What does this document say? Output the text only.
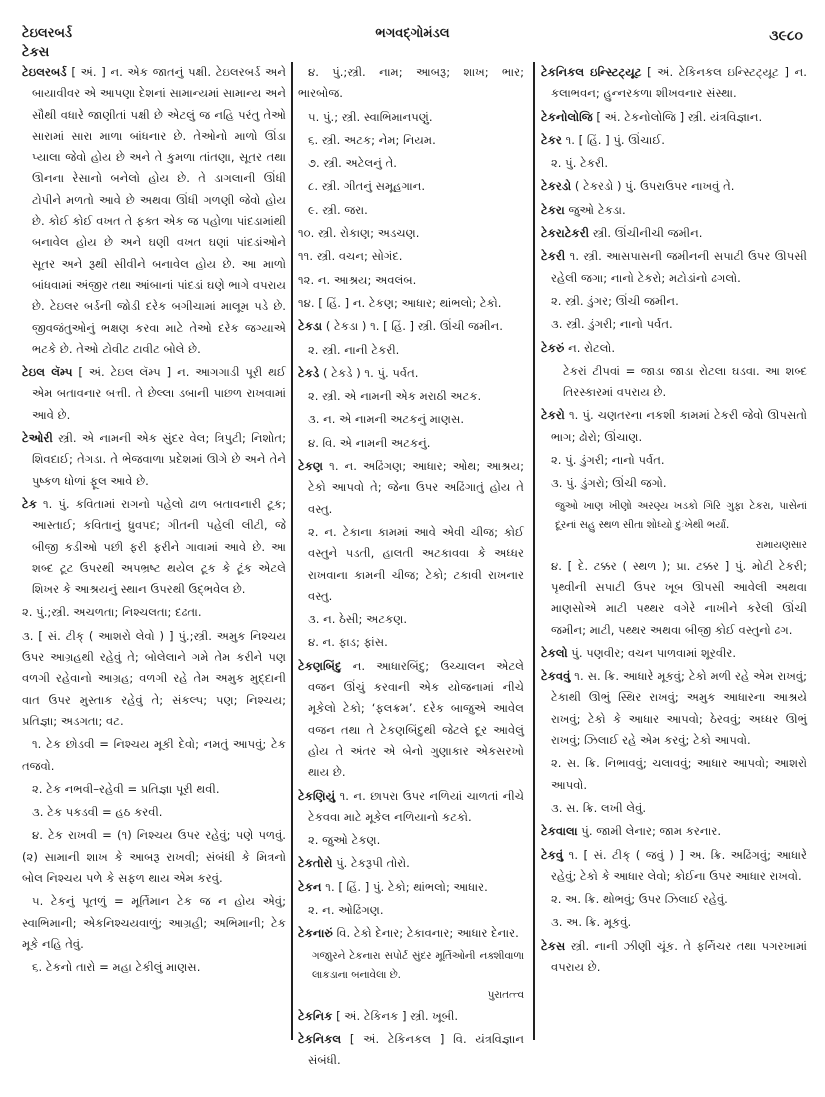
ટેઇલરબર્ડ
ટેકસ
ભગવદ્ગોમંડલ	૩૯૮૦

ટેઇલરબર્ડ [ અં. ] ન. એક જાતનું પક્ષી. ટેઇલરબર્ડ અને બાયાવીવર એ આપણા દેશનાં સામાન્યમાં સામાન્ય અને સૌથી વધારે જાણીતાં પક્ષી છે એટલું જ નહિ પરંતુ તેઓ સારામાં સારા માળા બાંધનાર છે. તેઓનો માળો ઊંડા પ્યાલા જેવો હોય છે અને તે કુમળા તાંતણા, સૂતર તથા ઊનના રેસાનો બનેલો હોય છે. તે ડાગલાની ઊંધી ટોપીને મળતો આવે છે અથવા ઊંધી ગળણી જેવો હોય છે. કોઈ કોઈ વખત તે ફક્ત એક જ પહોળા પાંદડામાંથી બનાવેલ હોય છે અને ઘણી વખત ઘણાં પાંદડાંઓને સૂતર અને રૂથી સીવીને બનાવેલ હોય છે. આ માળો બાંધવામાં અંજીર તથા આંબાનાં પાંદડાં ઘણે ભાગે વપરાય છે. ટેઇલર બર્ડની જોડી દરેક બગીચામાં માલૂમ પડે છે. જીવજંતુઓનું ભક્ષણ કરવા માટે તેઓ દરેક જગ્યાએ ભટકે છે. તેઓ ટોવીટ ટાવીટ બોલે છે.

ટેઇલ લૅમ્પ [ અં. ટેઇલ લૅમ્પ ] ન. આગગાડી પૂરી થઈ એમ બતાવનાર બત્તી. તે છેલ્લા ડબાની પાછળ રાખવામાં આવે છે.

ટેઓરી સ્ત્રી. એ નામની એક સુંદર વેલ; ત્રિપુટી; નિશોત; શિવદાઈ; તેગડા. તે ભેજવાળા પ્રદેશમાં ઊગે છે અને તેને પુષ્કળ ધોળાં ફૂલ આવે છે.

ટેક ૧. પું. કવિતામાં રાગનો પહેલો ઢાળ બતાવનારી ટૂક; આસ્તાઈ; કવિતાનું ધ્રુવપદ; ગીતની પહેલી લીટી, જે બીજી કડીઓ પછી ફરી ફરીને ગાવામાં આવે છે. આ શબ્દ ટૂટ ઉપરથી અપભ્રષ્ટ થયેલ ટૂક કે ટૂંક એટલે શિખર કે આશ્રયનું સ્થાન ઉપરથી ઉદ્‌ભવેલ છે.

૨. પું.;સ્ત્રી. અચળતા; નિશ્ચલતા; દઢતા.

૩. [ સં. ટીક્ ( આશરો લેવો ) ] પું.;સ્ત્રી. અમુક નિશ્ચય ઉપર આગ્રહથી રહેવું તે; બોલેલાને ગમે તેમ કરીને પણ વળગી રહેવાનો આગ્રહ; વળગી રહે તેમ અમુક મુદ્દાની વાત ઉપર મુસ્તાક રહેવું તે; સંકલ્પ; પણ; નિશ્ચય; પ્રતિજ્ઞા; અડગતા; વટ.

૧. ટેક છોડવી = નિશ્ચય મૂકી દેવો; નમતું આપવું; ટેક તજવો.

૨. ટેક નભવી–રહેવી = પ્રતિજ્ઞા પૂરી થવી.

૩. ટેક પકડવી = હઠ કરવી.

૪. ટેક રાખવી = (૧) નિશ્ચય ઉપર રહેવું; પણે પળવું. (૨) સામાની શાખ કે આબરૂ રાખવી; સંબંધી કે મિત્રનો બોલ નિશ્ચય પળે કે સફળ થાય એમ કરવું.

૫. ટેકનું પૂતળું = મૂર્તિમાન ટેક જ ન હોય એવું; સ્વાભિમાની; એકનિશ્ચયવાળું; આગ્રહી; અભિમાની; ટેક મૂકે નહિ તેવું.

૬. ટેકનો તારો = મહા ટેકીલું માણસ.

૪. પું.;સ્ત્રી. નામ; આબરૂ; શાખ; ભાર; ભારબોજ.

૫. પું.; સ્ત્રી. સ્વાભિમાનપણું.

૬. સ્ત્રી. અટક; નેમ; નિયમ.

૭. સ્ત્રી. અટેલનું તે.

૮. સ્ત્રી. ગીતનું સમૂહગાન.

૯. સ્ત્રી. જરા.

૧૦. સ્ત્રી. રોકાણ; અડચણ.

૧૧. સ્ત્રી. વચન; સોગંદ.

૧૨. ન. આશ્રય; અવલંબ.

૧૪. [ હિં. ] ન. ટેકણ; આધાર; થાંભલો; ટેકો.

ટેકડા ( ટેકડા ) ૧. [ હિં. ] સ્ત્રી. ઊંચી જમીન.

૨. સ્ત્રી. નાની ટેકરી.

ટેકડે ( ટેકડે ) ૧. પું. પર્વત.

૨. સ્ત્રી. એ નામની એક મરાઠી અટક.

૩. ન. એ નામની અટકનું માણસ.

૪. વિ. એ નામની અટકનું.

ટેકણ ૧. ન. અઢિંગણ; આધાર; ઓથ; આશ્રય; ટેકો આપવો તે; જેના ઉપર અઢિંગાતું હોય તે વસ્તુ.

૨. ન. ટેકાના કામમાં આવે એવી ચીજ; કોઈ વસ્તુને પડતી, હાલતી અટકાવવા કે અધ્ધર રાખવાના કામની ચીજ; ટેકો; ટકાવી રાખનાર વસ્તુ.

૩. ન. ઠેસી; અટકણ.

૪. ન. ફાડ; ફાંસ.

ટેકણબિંદુ ન. આધારબિંદુ; ઉચ્ચાલન એટલે વજન ઊંચું કરવાની એક યોજનામાં નીચે મૂકેલો ટેકો; ‘ફલક્રમ’. દરેક બાજુએ આવેલ વજન તથા તે ટેકણબિંદુથી જેટલે દૂર આવેલું હોય તે અંતર એ બેનો ગુણાકાર એકસરખો થાય છે.

ટેકણિયું ૧. ન. છાપરા ઉપર નળિયાં ચાળતાં નીચે ટેકવવા માટે મૂકેલ નળિયાનો કટકો.

૨. જુઓ ટેકણ.

ટેકતોરો પું. ટેકરૂપી તોરો.

ટેકન ૧. [ હિં. ] પું. ટેકો; થાંભલો; આધાર.

૨. ન. ઓઢિંગણ.

ટેકનારું વિ. ટેકો દેનાર; ટેકાવનાર; આધાર દેનાર.

ગજાુરને ટેકનારા સપોર્ટ સુંદર મૂર્તિઓની નક્શીવાળા લાકડાના બનાવેલા છે.

પુરાતત્ત્વ

ટેકનિક [ અં. ટેકિનક ] સ્ત્રી. ખૂબી.

ટેકનિકલ [ અં. ટેકિનકલ ] વિ. યંત્રવિજ્ઞાન સંબંધી.

ટેકનિકલ ઇન્સ્ટિટ્યૂટ [ અં. ટેકિનકલ ઇન્સ્ટિટ્યૂટ ] ન. કલાભવન; હુન્નરકળા શીખવનાર સંસ્થા.

ટેકનોલોજિ [ અં. ટેકનોલોજિ ] સ્ત્રી. યંત્રવિજ્ઞાન.

ટેકર ૧. [ હિં. ] પું. ઊંચાઈ.

૨. પું. ટેકરી.

ટેકરડો ( ટેકરડો ) પું. ઉપરાઉપર નાખવું તે.

ટેકરા જુઓ ટેકડા.

ટેકરાટેકરી સ્ત્રી. ઊંચીનીચી જમીન.

ટેકરી ૧. સ્ત્રી. આસપાસની જમીનની સપાટી ઉપર ઊપસી રહેલી જગા; નાનો ટેકરો; મટોડાંનો ઢગલો.

૨. સ્ત્રી. ડુંગર; ઊંચી જમીન.

૩. સ્ત્રી. ડુંગરી; નાનો પર્વત.

ટેકરું ન. રોટલો.

ટેકરાં ટીપવાં = જાડા જાડા રોટલા ઘડવા. આ શબ્દ તિરસ્કારમાં વપરાય છે.

ટેકરો ૧. પું. ચણતરના નકશી કામમાં ટેકરી જેવો ઊપસતો ભાગ; ઢોરો; ઊંચાણ.

૨. પું. ડુંગરી; નાનો પર્વત.

૩. પું. ડુંગરો; ઊંચી જગો.

જુઓ ખાણ ખીણો અરણ્ય ખડકો ગિરિ ગુફા ટેકરા, પાસેનાં દૂરનાં સહુ સ્થળ સીતા શોધ્યો દુઃખેથી ભર્યાં.

રામાયણસાર

૪. [ દે. ટક્કર ( સ્થળ ); પ્રા. ટક્કર ] પું. મોટી ટેકરી; પૃથ્વીની સપાટી ઉપર ખૂબ ઊપસી આવેલી અથવા માણસોએ માટી પથ્થર વગેરે નાખીને કરેલી ઊંચી જમીન; માટી, પથ્થર અથવા બીજી કોઈ વસ્તુનો ઢગ.

ટેકલો પું. પણવીર; વચન પાળવામાં શૂરવીર.

ટેકવવું ૧. સ. ક્રિ. આધારે મૂકવું; ટેકો મળી રહે એમ રાખવું; ટેકાથી ઊભું સ્થિર રાખવું; અમુક આધારના આશ્રયે રાખવું; ટેકો કે આધાર આપવો; ઠેરવવું; અધ્ધર ઊભું રાખવું; ઝિલાઈ રહે એમ કરવું; ટેકો આપવો.

૨. સ. ક્રિ. નિભાવવું; ચલાવવું; આધાર આપવો; આશરો આપવો.

૩. સ. ક્રિ. લખી લેવું.

ટેકવાલા પું. જામી લેનાર; જામ કરનાર.

ટેકવું ૧. [ સં. ટીક્ ( જવું ) ] અ. ક્રિ. અઢિંગવું; આધારે રહેવું; ટેકો કે આધાર લેવો; કોઈના ઉપર આધાર રાખવો.

૨. અ. ક્રિ. થોભવું; ઉપર ઝિલાઈ રહેવું.

૩. અ. ક્રિ. મૂકવું.

ટેકસ સ્ત્રી. નાની ઝીણી ચૂંક. તે ફર્નિચર તથા પગરખામાં વપરાય છે.
